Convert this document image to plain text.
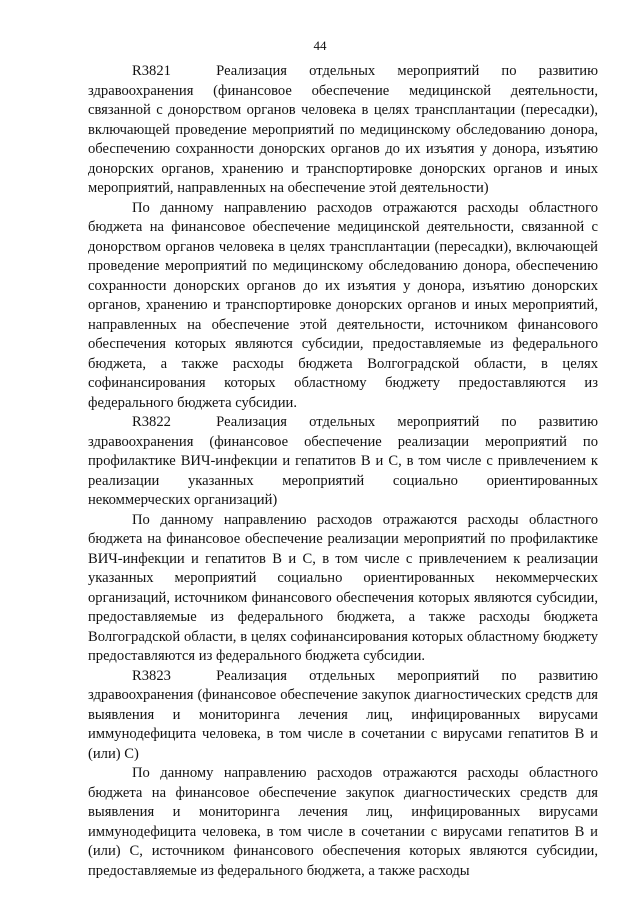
44

R3821	Реализация отдельных мероприятий по развитию здравоохранения (финансовое обеспечение медицинской деятельности, связанной с донорством органов человека в целях трансплантации (пересадки), включающей проведение мероприятий по медицинскому обследованию донора, обеспечению сохранности донорских органов до их изъятия у донора, изъятию донорских органов, хранению и транспортировке донорских органов и иных мероприятий, направленных на обеспечение этой деятельности)

По данному направлению расходов отражаются расходы областного бюджета на финансовое обеспечение медицинской деятельности, связанной с донорством органов человека в целях трансплантации (пересадки), включающей проведение мероприятий по медицинскому обследованию донора, обеспечению сохранности донорских органов до их изъятия у донора, изъятию донорских органов, хранению и транспортировке донорских органов и иных мероприятий, направленных на обеспечение этой деятельности, источником финансового обеспечения которых являются субсидии, предоставляемые из федерального бюджета, а также расходы бюджета Волгоградской области, в целях софинансирования которых областному бюджету предоставляются из федерального бюджета субсидии.

R3822	Реализация отдельных мероприятий по развитию здравоохранения (финансовое обеспечение реализации мероприятий по профилактике ВИЧ-инфекции и гепатитов B и C, в том числе с привлечением к реализации указанных мероприятий социально ориентированных некоммерческих организаций)

По данному направлению расходов отражаются расходы областного бюджета на финансовое обеспечение реализации мероприятий по профилактике ВИЧ-инфекции и гепатитов B и C, в том числе с привлечением к реализации указанных мероприятий социально ориентированных некоммерческих организаций, источником финансового обеспечения которых являются субсидии, предоставляемые из федерального бюджета, а также расходы бюджета Волгоградской области, в целях софинансирования которых областному бюджету предоставляются из федерального бюджета субсидии.

R3823	Реализация отдельных мероприятий по развитию здравоохранения (финансовое обеспечение закупок диагностических средств для выявления и мониторинга лечения лиц, инфицированных вирусами иммунодефицита человека, в том числе в сочетании с вирусами гепатитов B и (или) C)

По данному направлению расходов отражаются расходы областного бюджета на финансовое обеспечение закупок диагностических средств для выявления и мониторинга лечения лиц, инфицированных вирусами иммунодефицита человека, в том числе в сочетании с вирусами гепатитов B и (или) C, источником финансового обеспечения которых являются субсидии, предоставляемые из федерального бюджета, а также расходы
